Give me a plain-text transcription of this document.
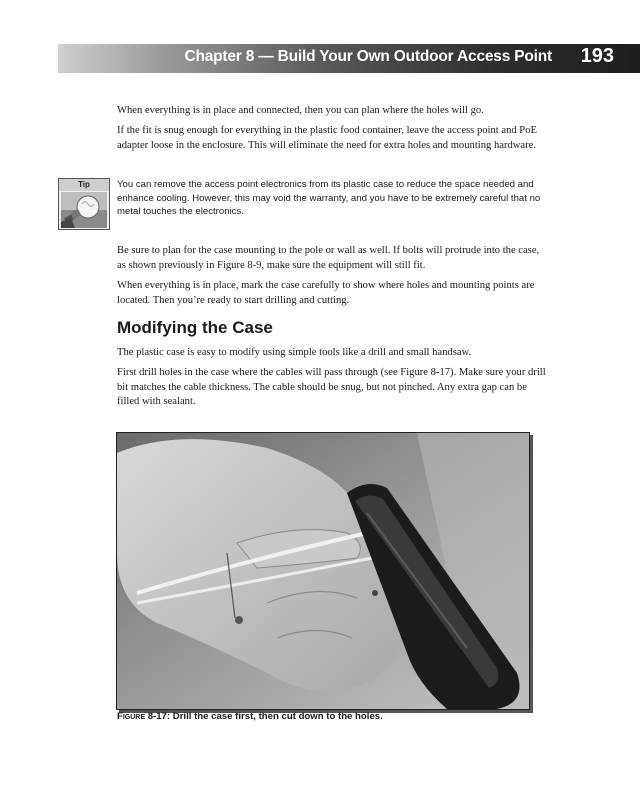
Chapter 8 — Build Your Own Outdoor Access Point 193

When everything is in place and connected, then you can plan where the holes will go.

If the fit is snug enough for everything in the plastic food container, leave the access point and PoE adapter loose in the enclosure. This will eliminate the need for extra holes and mounting hardware.

Tip	You can remove the access point electronics from its plastic case to reduce the space needed and enhance cooling. However, this may void the warranty, and you have to be extremely careful that no metal touches the electronics.

Be sure to plan for the case mounting to the pole or wall as well. If bolts will protrude into the case, as shown previously in Figure 8-9, make sure the equipment will still fit.

When everything is in place, mark the case carefully to show where holes and mounting points are located. Then you’re ready to start drilling and cutting.

Modifying the Case

The plastic case is easy to modify using simple tools like a drill and small handsaw.

First drill holes in the case where the cables will pass through (see Figure 8-17). Make sure your drill bit matches the cable thickness. The cable should be snug, but not pinched. Any extra gap can be filled with sealant.

Figure 8-17: Drill the case first, then cut down to the holes.
